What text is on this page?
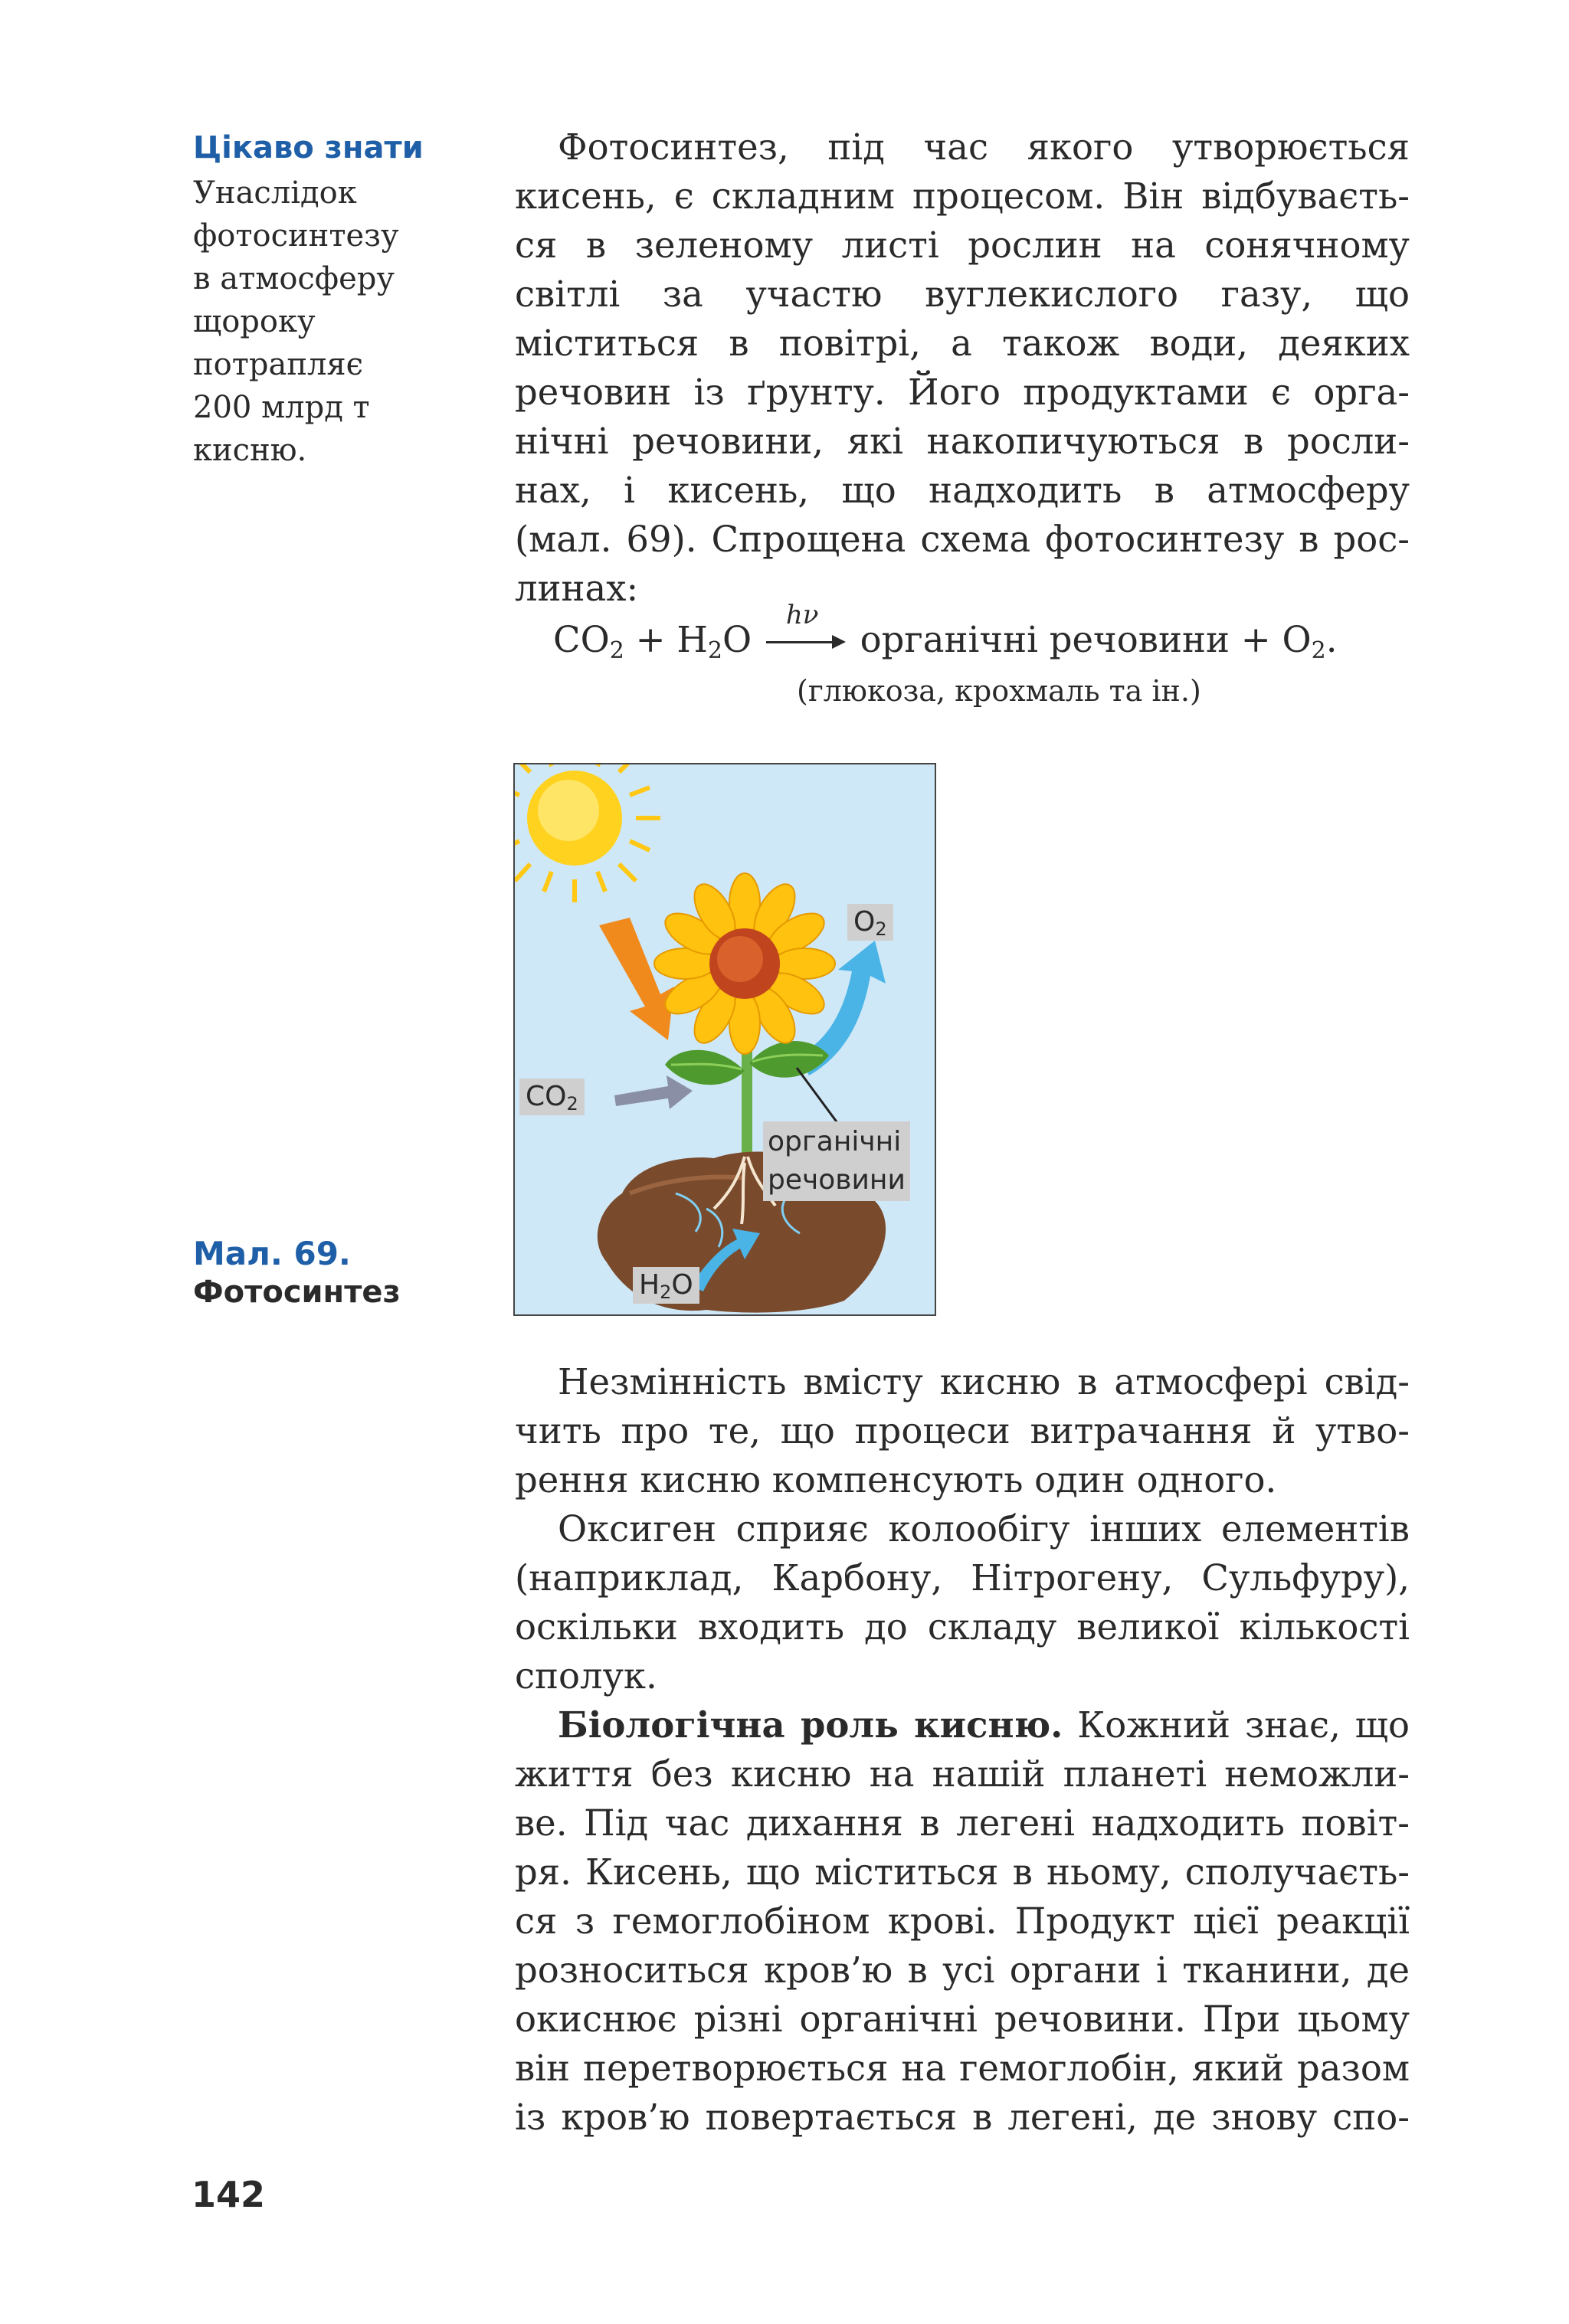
Цікаво знати
Унаслідок
фотосинтезу
в атмосферу
щороку
потрапляє
200 млрд т
кисню.
Фотосинтез, під час якого утворюється
кисень, є складним процесом. Він відбуваєть-
ся в зеленому листі рослин на сонячному
світлі за участю вуглекислого газу, що
міститься в повітрі, а також води, деяких
речовин із ґрунту. Його продуктами є орга-
нічні речовини, які накопичуються в росли-
нах, і кисень, що надходить в атмосферу
(мал. 69). Спрощена схема фотосинтезу в рос-
линах:
$CO_2 + H_2O$
hν
органічні речовини + $O_2$.
(глюкоза, крохмаль та ін.)
$O_2$
$CO_2$
органічні
речовини
$H_2O$
Мал. 69.
Фотосинтез
Незмінність вмісту кисню в атмосфері свід-
чить про те, що процеси витрачання й утво-
рення кисню компенсують один одного.
Оксиген сприяє колообігу інших елементів
(наприклад, Карбону, Нітрогену, Сульфуру),
оскільки входить до складу великої кількості
сполук.
Біологічна роль кисню. Кожний знає, що
життя без кисню на нашій планеті неможли-
ве. Під час дихання в легені надходить повіт-
ря. Кисень, що міститься в ньому, сполучаєть-
ся з гемоглобіном крові. Продукт цієї реакції
розноситься кров’ю в усі органи і тканини, де
окиснює різні органічні речовини. При цьому
він перетворюється на гемоглобін, який разом
із кров’ю повертається в легені, де знову спо-
142
